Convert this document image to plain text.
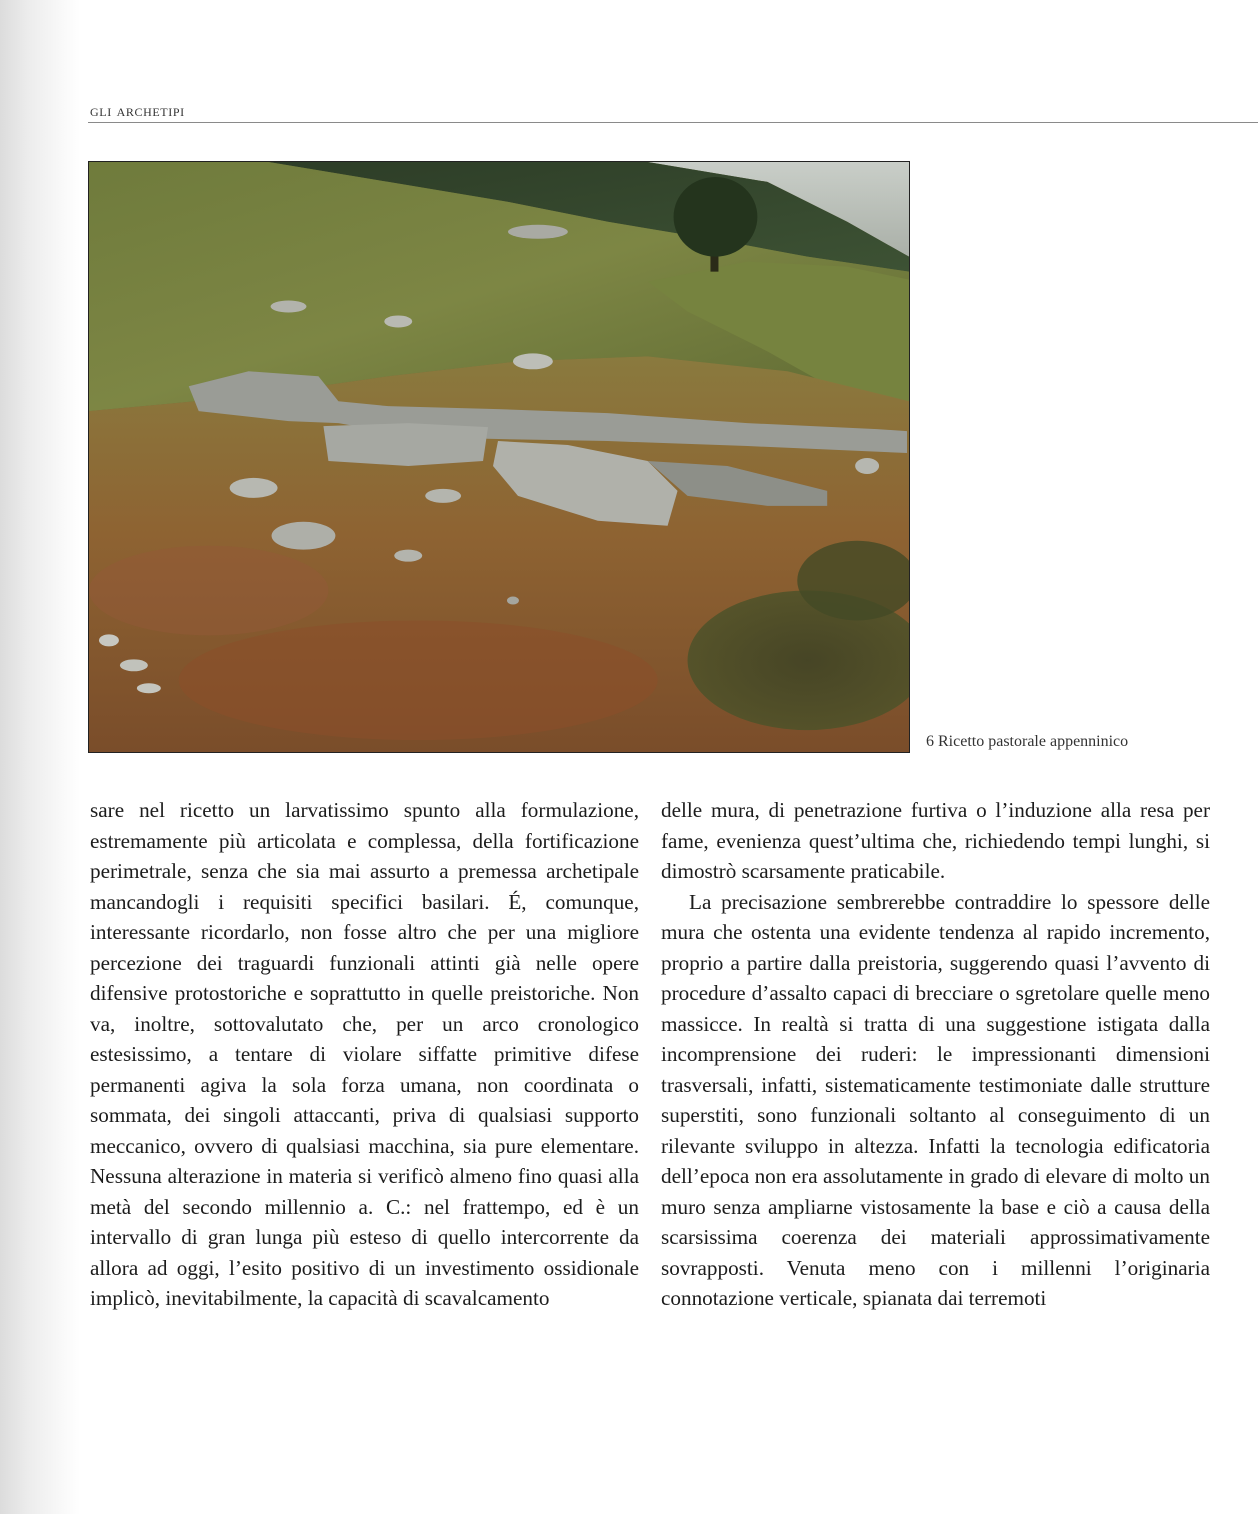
gli archetipi
6 Ricetto pastorale appenninico

sare nel ricetto un larvatissimo spunto alla formulazione, estremamente più articolata e complessa, della fortificazione perimetrale, senza che sia mai assurto a premessa archetipale mancandogli i requisiti specifici basilari. É, comunque, interessante ricordarlo, non fosse altro che per una migliore percezione dei traguardi funzionali attinti già nelle opere difensive protostoriche e soprattutto in quelle preistoriche. Non va, inoltre, sottovalutato che, per un arco cronologico estesissimo, a tentare di violare siffatte primitive difese permanenti agiva la sola forza umana, non coordinata o sommata, dei singoli attaccanti, priva di qualsiasi supporto meccanico, ovvero di qualsiasi macchina, sia pure elementare. Nessuna alterazione in materia si verificò almeno fino quasi alla metà del secondo millennio a. C.: nel frattempo, ed è un intervallo di gran lunga più esteso di quello intercorrente da allora ad oggi, l’esito positivo di un investimento ossidionale implicò, inevitabilmente, la capacità di scavalcamento

delle mura, di penetrazione furtiva o l’induzione alla resa per fame, evenienza quest’ultima che, richiedendo tempi lunghi, si dimostrò scarsamente praticabile.

La precisazione sembrerebbe contraddire lo spessore delle mura che ostenta una evidente tendenza al rapido incremento, proprio a partire dalla preistoria, suggerendo quasi l’avvento di procedure d’assalto capaci di brecciare o sgretolare quelle meno massicce. In realtà si tratta di una suggestione istigata dalla incomprensione dei ruderi: le impressionanti dimensioni trasversali, infatti, sistematicamente testimoniate dalle strutture superstiti, sono funzionali soltanto al conseguimento di un rilevante sviluppo in altezza. Infatti la tecnologia edificatoria dell’epoca non era assolutamente in grado di elevare di molto un muro senza ampliarne vistosamente la base e ciò a causa della scarsissima coerenza dei materiali approssimativamente sovrapposti. Venuta meno con i millenni l’originaria connotazione verticale, spianata dai terremoti
